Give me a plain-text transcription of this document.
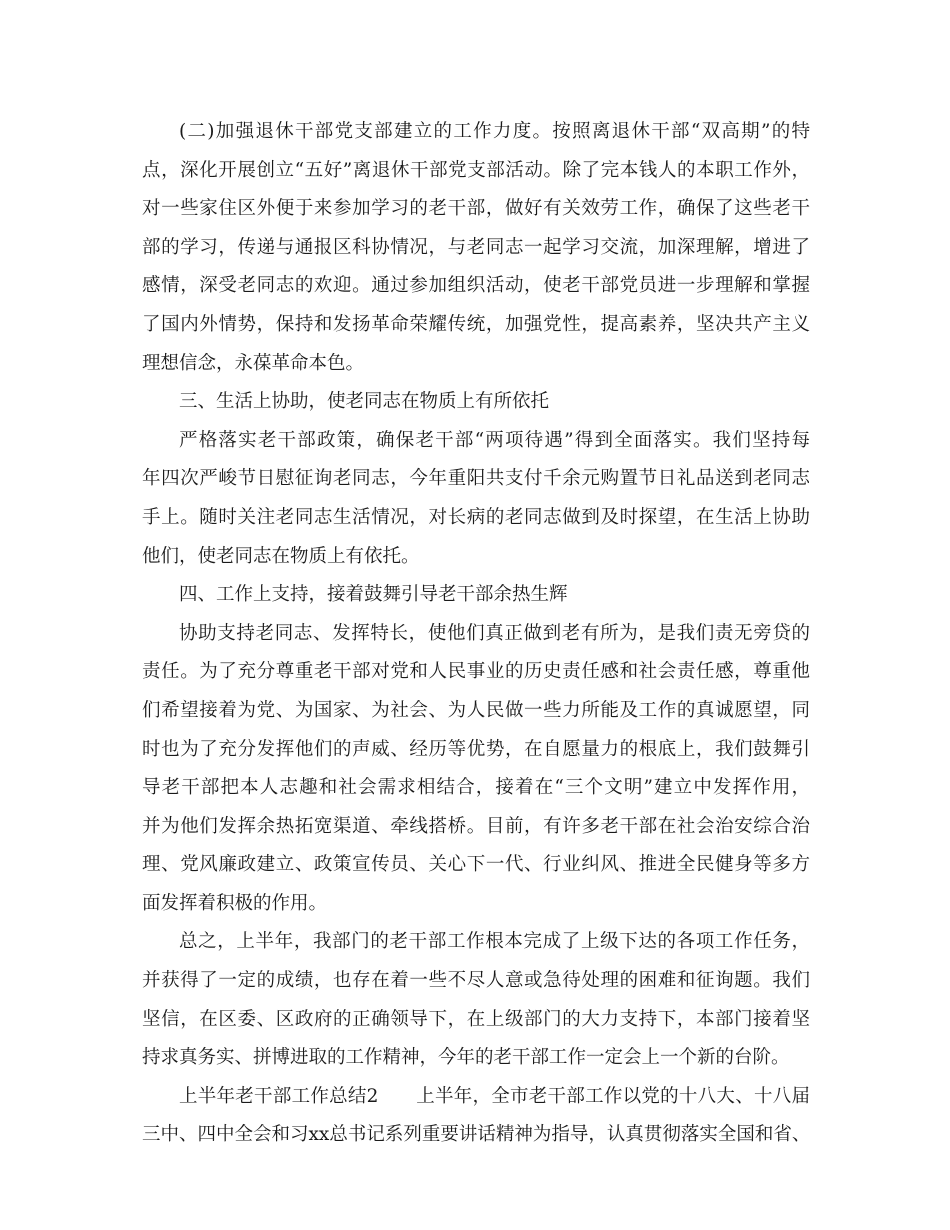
(二)加强退休干部党支部建立的工作力度。按照离退休干部“双高期”的特
点，深化开展创立“五好”离退休干部党支部活动。除了完本钱人的本职工作外，
对一些家住区外便于来参加学习的老干部，做好有关效劳工作，确保了这些老干
部的学习，传递与通报区科协情况，与老同志一起学习交流，加深理解，增进了
感情，深受老同志的欢迎。通过参加组织活动，使老干部党员进一步理解和掌握
了国内外情势，保持和发扬革命荣耀传统，加强党性，提高素养，坚决共产主义
理想信念，永葆革命本色。
三、生活上协助，使老同志在物质上有所依托
严格落实老干部政策，确保老干部“两项待遇”得到全面落实。我们坚持每
年四次严峻节日慰征询老同志，今年重阳共支付千余元购置节日礼品送到老同志
手上。随时关注老同志生活情况，对长病的老同志做到及时探望，在生活上协助
他们，使老同志在物质上有依托。
四、工作上支持，接着鼓舞引导老干部余热生辉
协助支持老同志、发挥特长，使他们真正做到老有所为，是我们责无旁贷的
责任。为了充分尊重老干部对党和人民事业的历史责任感和社会责任感，尊重他
们希望接着为党、为国家、为社会、为人民做一些力所能及工作的真诚愿望，同
时也为了充分发挥他们的声威、经历等优势，在自愿量力的根底上，我们鼓舞引
导老干部把本人志趣和社会需求相结合，接着在“三个文明”建立中发挥作用，
并为他们发挥余热拓宽渠道、牵线搭桥。目前，有许多老干部在社会治安综合治
理、党风廉政建立、政策宣传员、关心下一代、行业纠风、推进全民健身等多方
面发挥着积极的作用。
总之，上半年，我部门的老干部工作根本完成了上级下达的各项工作任务，
并获得了一定的成绩，也存在着一些不尽人意或急待处理的困难和征询题。我们
坚信，在区委、区政府的正确领导下，在上级部门的大力支持下，本部门接着坚
持求真务实、拼博进取的工作精神，今年的老干部工作一定会上一个新的台阶。
上半年老干部工作总结2　　上半年，全市老干部工作以党的十八大、十八届
三中、四中全会和习xx总书记系列重要讲话精神为指导，认真贯彻落实全国和省、
